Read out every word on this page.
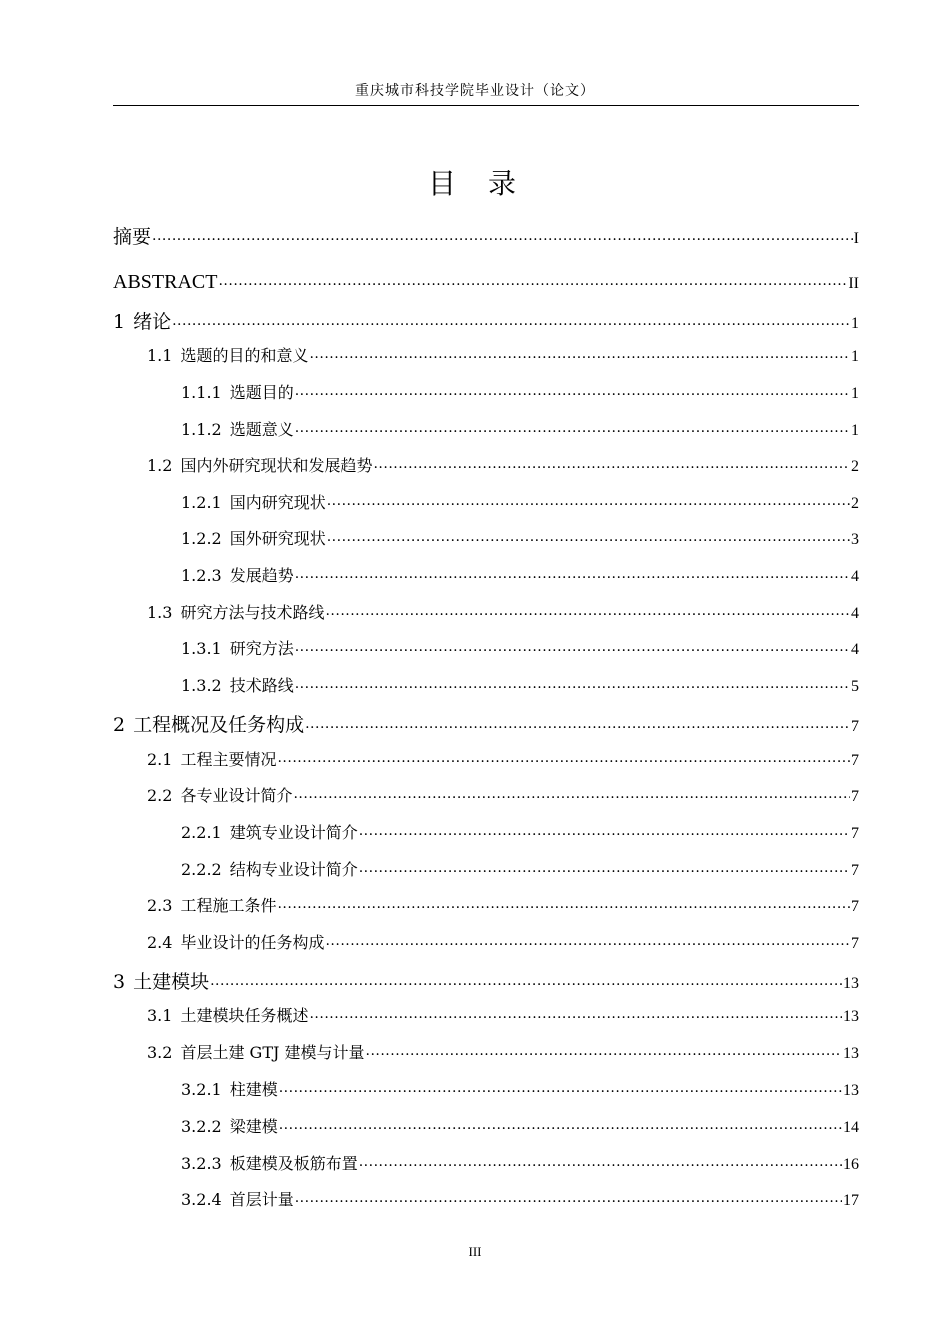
重庆城市科技学院毕业设计（论文）
目 录
摘要 .....	I
ABSTRACT .....	II
1 绪论 .....	1
1.1 选题的目的和意义 .....	1
1.1.1 选题目的 .....	1
1.1.2 选题意义 .....	1
1.2 国内外研究现状和发展趋势 .....	2
1.2.1 国内研究现状 .....	2
1.2.2 国外研究现状 .....	3
1.2.3 发展趋势 .....	4
1.3 研究方法与技术路线 .....	4
1.3.1 研究方法 .....	4
1.3.2 技术路线 .....	5
2 工程概况及任务构成 .....	7
2.1 工程主要情况 .....	7
2.2 各专业设计简介 .....	7
2.2.1 建筑专业设计简介 .....	7
2.2.2 结构专业设计简介 .....	7
2.3 工程施工条件 .....	7
2.4 毕业设计的任务构成 .....	7
3 土建模块 .....	13
3.1 土建模块任务概述 .....	13
3.2 首层土建 GTJ 建模与计量 .....	13
3.2.1 柱建模 .....	13
3.2.2 梁建模 .....	14
3.2.3 板建模及板筋布置 .....	16
3.2.4 首层计量 .....	17
III
